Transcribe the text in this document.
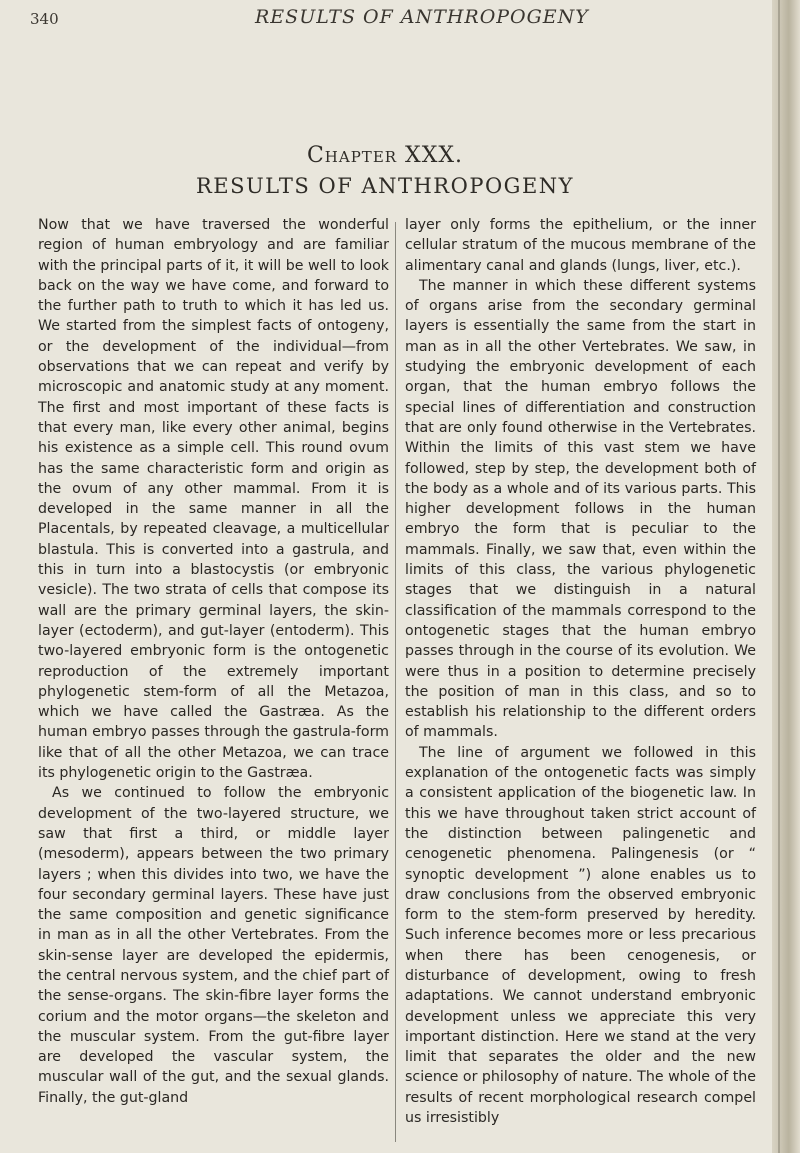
340	RESULTS OF ANTHROPOGENY
Chapter XXX.
RESULTS OF ANTHROPOGENY

Now that we have traversed the wonderful region of human embryology and are familiar with the principal parts of it, it will be well to look back on the way we have come, and forward to the further path to truth to which it has led us. We started from the simplest facts of ontogeny, or the development of the individual—from observations that we can repeat and verify by microscopic and anatomic study at any moment. The first and most important of these facts is that every man, like every other animal, begins his existence as a simple cell. This round ovum has the same characteristic form and origin as the ovum of any other mammal. From it is developed in the same manner in all the Placentals, by repeated cleavage, a multicellular blastula. This is converted into a gastrula, and this in turn into a blastocystis (or embryonic vesicle). The two strata of cells that compose its wall are the primary germinal layers, the skin-layer (ectoderm), and gut-layer (entoderm). This two-layered embryonic form is the ontogenetic reproduction of the extremely important phylogenetic stem-form of all the Metazoa, which we have called the Gastræa. As the human embryo passes through the gastrula-form like that of all the other Metazoa, we can trace its phylogenetic origin to the Gastræa.

As we continued to follow the embryonic development of the two-layered structure, we saw that first a third, or middle layer (mesoderm), appears between the two primary layers ; when this divides into two, we have the four secondary germinal layers. These have just the same composition and genetic significance in man as in all the other Vertebrates. From the skin-sense layer are developed the epidermis, the central nervous system, and the chief part of the sense-organs. The skin-fibre layer forms the corium and the motor organs—the skeleton and the muscular system. From the gut-fibre layer are developed the vascular system, the muscular wall of the gut, and the sexual glands. Finally, the gut-gland

layer only forms the epithelium, or the inner cellular stratum of the mucous membrane of the alimentary canal and glands (lungs, liver, etc.).

The manner in which these different systems of organs arise from the secondary germinal layers is essentially the same from the start in man as in all the other Vertebrates. We saw, in studying the embryonic development of each organ, that the human embryo follows the special lines of differentiation and construction that are only found otherwise in the Vertebrates. Within the limits of this vast stem we have followed, step by step, the development both of the body as a whole and of its various parts. This higher development follows in the human embryo the form that is peculiar to the mammals. Finally, we saw that, even within the limits of this class, the various phylogenetic stages that we distinguish in a natural classification of the mammals correspond to the ontogenetic stages that the human embryo passes through in the course of its evolution. We were thus in a position to determine precisely the position of man in this class, and so to establish his relationship to the different orders of mammals.

The line of argument we followed in this explanation of the ontogenetic facts was simply a consistent application of the biogenetic law. In this we have throughout taken strict account of the distinction between palingenetic and cenogenetic phenomena. Palingenesis (or “ synoptic development ”) alone enables us to draw conclusions from the observed embryonic form to the stem-form preserved by heredity. Such inference becomes more or less precarious when there has been cenogenesis, or disturbance of development, owing to fresh adaptations. We cannot understand embryonic development unless we appreciate this very important distinction. Here we stand at the very limit that separates the older and the new science or philosophy of nature. The whole of the results of recent morphological research compel us irresistibly
